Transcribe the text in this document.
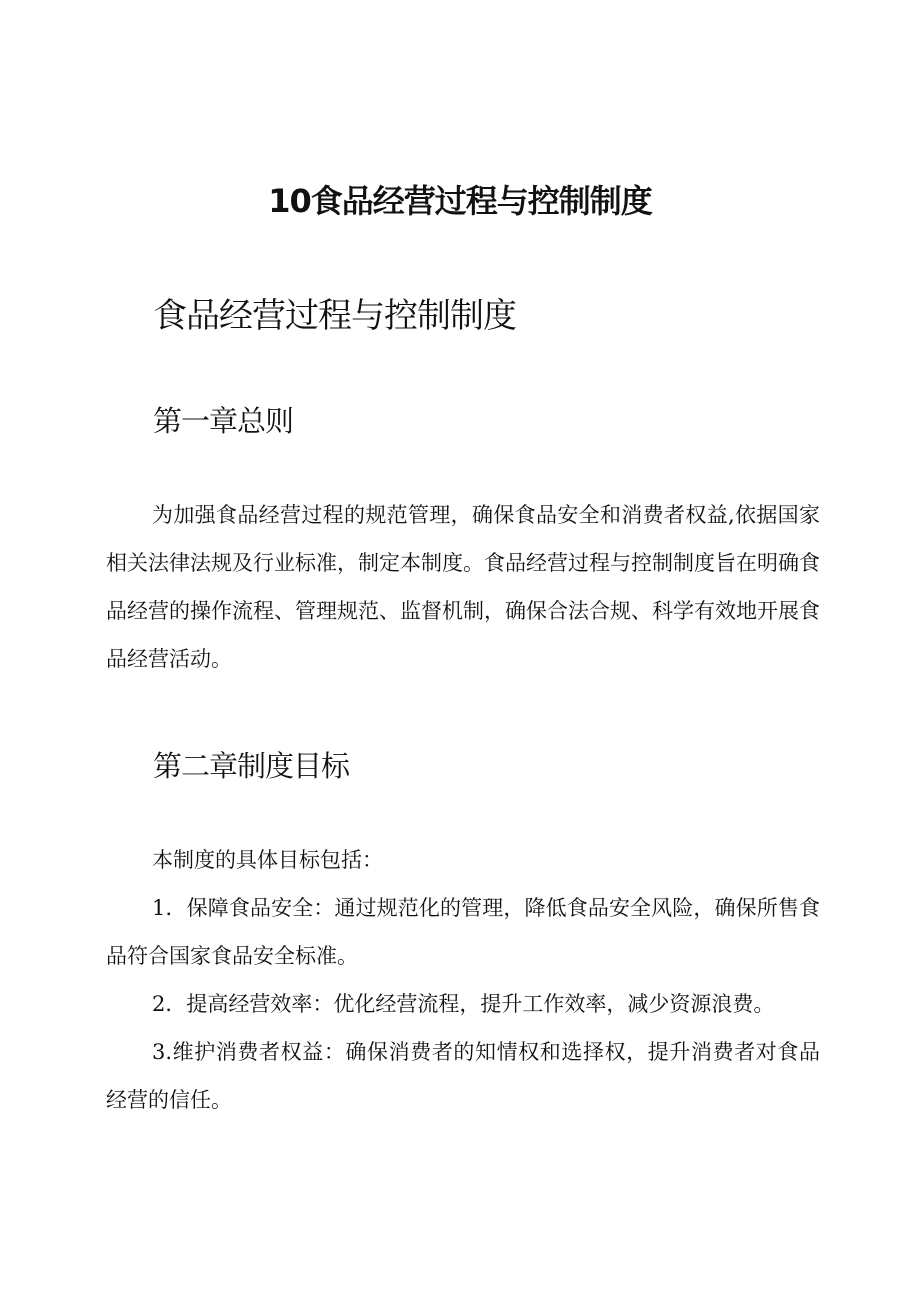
10食品经营过程与控制制度
食品经营过程与控制制度
第一章总则

为加强食品经营过程的规范管理，确保食品安全和消费者权益,依据国家相关法律法规及行业标准，制定本制度。食品经营过程与控制制度旨在明确食品经营的操作流程、管理规范、监督机制，确保合法合规、科学有效地开展食品经营活动。

第二章制度目标

本制度的具体目标包括：

1．保障食品安全：通过规范化的管理，降低食品安全风险，确保所售食品符合国家食品安全标准。

2．提高经营效率：优化经营流程，提升工作效率，减少资源浪费。

3.维护消费者权益：确保消费者的知情权和选择权，提升消费者对食品经营的信任。
